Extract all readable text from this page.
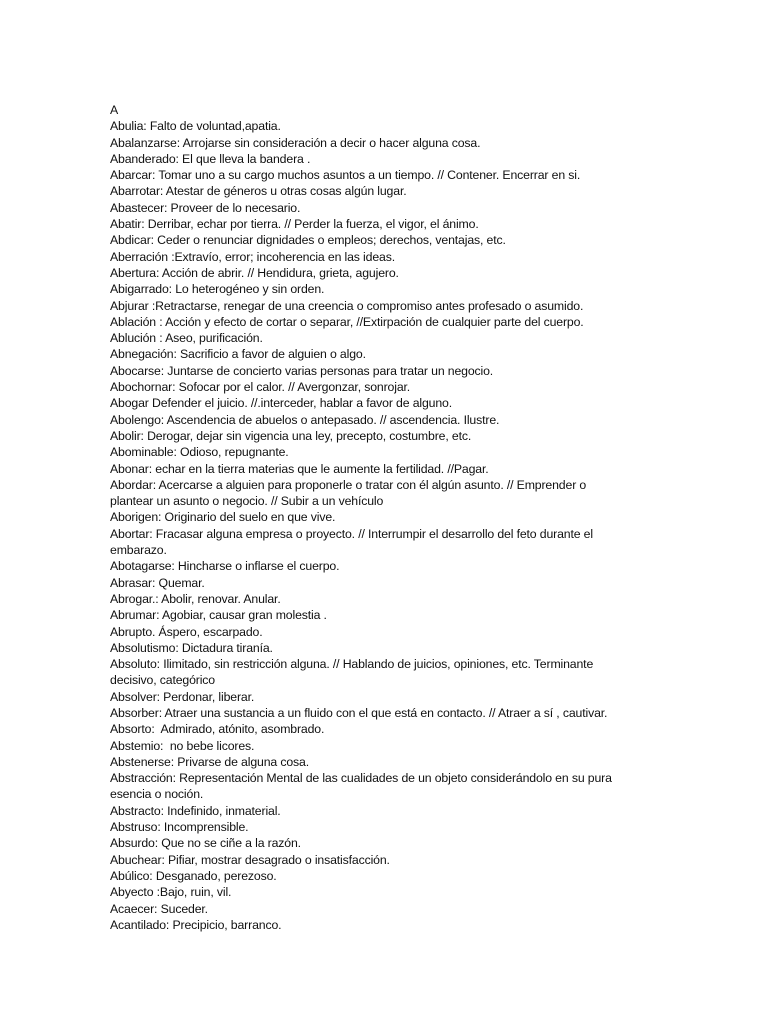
A
Abulia: Falto de voluntad,apatia.
Abalanzarse: Arrojarse sin consideración a decir o hacer alguna cosa.
Abanderado: El que lleva la bandera .
Abarcar: Tomar uno a su cargo muchos asuntos a un tiempo. // Contener. Encerrar en si.
Abarrotar: Atestar de géneros u otras cosas algún lugar.
Abastecer: Proveer de lo necesario.
Abatir: Derribar, echar por tierra. // Perder la fuerza, el vigor, el ánimo.
Abdicar: Ceder o renunciar dignidades o empleos; derechos, ventajas, etc.
Aberración :Extravío, error; incoherencia en las ideas.
Abertura: Acción de abrir. // Hendidura, grieta, agujero.
Abigarrado: Lo heterogéneo y sin orden.
Abjurar :Retractarse, renegar de una creencia o compromiso antes profesado o asumido.
Ablación : Acción y efecto de cortar o separar, //Extirpación de cualquier parte del cuerpo.
Ablución : Aseo, purificación.
Abnegación: Sacrificio a favor de alguien o algo.
Abocarse: Juntarse de concierto varias personas para tratar un negocio.
Abochornar: Sofocar por el calor. // Avergonzar, sonrojar.
Abogar Defender el juicio. //.interceder, hablar a favor de alguno.
Abolengo: Ascendencia de abuelos o antepasado. // ascendencia. Ilustre.
Abolir: Derogar, dejar sin vigencia una ley, precepto, costumbre, etc.
Abominable: Odioso, repugnante.
Abonar: echar en la tierra materias que le aumente la fertilidad. //Pagar.
Abordar: Acercarse a alguien para proponerle o tratar con él algún asunto. // Emprender o
plantear un asunto o negocio. // Subir a un vehículo
Aborigen: Originario del suelo en que vive.
Abortar: Fracasar alguna empresa o proyecto. // Interrumpir el desarrollo del feto durante el
embarazo.
Abotagarse: Hincharse o inflarse el cuerpo.
Abrasar: Quemar.
Abrogar.: Abolir, renovar. Anular.
Abrumar: Agobiar, causar gran molestia .
Abrupto. Áspero, escarpado.
Absolutismo: Dictadura tiranía.
Absoluto: Ilimitado, sin restricción alguna. // Hablando de juicios, opiniones, etc. Terminante
decisivo, categórico
Absolver: Perdonar, liberar.
Absorber: Atraer una sustancia a un fluido con el que está en contacto. // Atraer a sí , cautivar.
Absorto:  Admirado, atónito, asombrado.
Abstemio:  no bebe licores.
Abstenerse: Privarse de alguna cosa.
Abstracción: Representación Mental de las cualidades de un objeto considerándolo en su pura
esencia o noción.
Abstracto: Indefinido, inmaterial.
Abstruso: Incomprensible.
Absurdo: Que no se ciñe a la razón.
Abuchear: Pifiar, mostrar desagrado o insatisfacción.
Abúlico: Desganado, perezoso.
Abyecto :Bajo, ruin, vil.
Acaecer: Suceder.
Acantilado: Precipicio, barranco.
